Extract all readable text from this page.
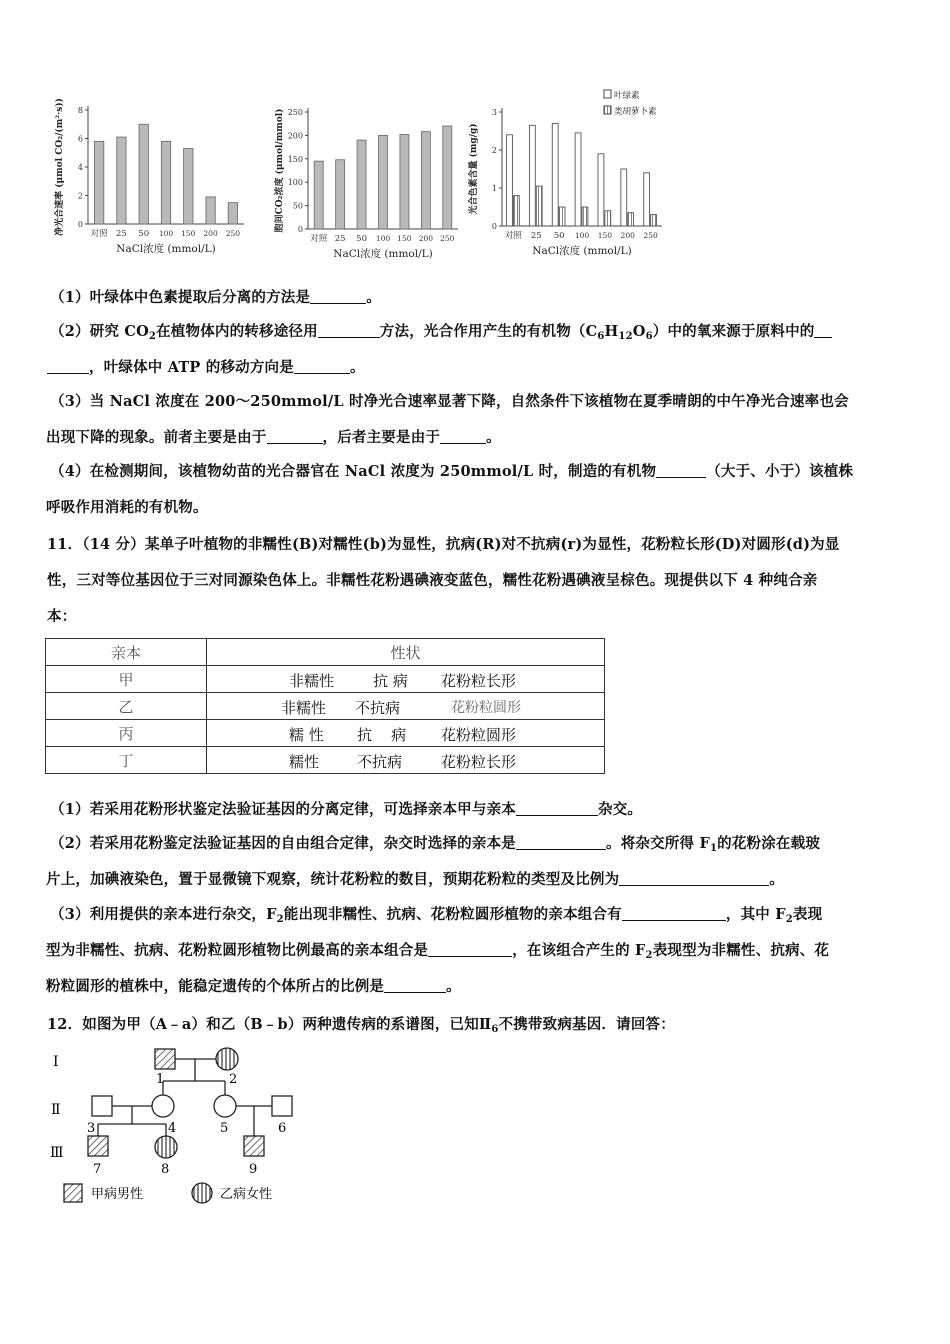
0
2
4
6
8
对照 25 50 100 150 200 250
NaCl浓度 (mmol/L)
净光合速率 (μmol CO₂/(m²·s))	0
50
100
150
200
250
对照 25 50 100 150 200 250
NaCl浓度 (mmol/L)
胞间CO₂浓度 (μmol/mmol)	0
1
2
3
对照 25 50 100 150 200 250
叶绿素
类胡萝卜素
NaCl浓度 (mmol/L)
光合色素含量 (mg/g)
（1）叶绿体中色素提取后分离的方法是	。
（2）研究 $CO_2$在植物体内的转移途径用	方法，光合作用产生的有机物$(C_6H_{12}O_6)$中的氧来源于原料中的
，叶绿体中 ATP 的移动方向是	。
（3）当 NaCl 浓度在 200～250mmol/L 时净光合速率显著下降，自然条件下该植物在夏季晴朗的中午净光合速率也会
出现下降的现象。前者主要是由于	，后者主要是由于	。
（4）在检测期间，该植物幼苗的光合器官在 NaCl 浓度为 250mmol/L 时，制造的有机物	（大于、小于）该植株
呼吸作用消耗的有机物。
11．（14 分）某单子叶植物的非糯性(B)对糯性(b)为显性，抗病(R)对不抗病(r)为显性，花粉粒长形(D)对圆形(d)为显
性，三对等位基因位于三对同源染色体上。非糯性花粉遇碘液变蓝色，糯性花粉遇碘液呈棕色。现提供以下 4 种纯合亲
本：
亲本	性状
甲	非糯性 抗 病 花粉粒长形

乙	非糯性 不抗病 花粉粒圆形

丙	糯 性 抗    病 花粉粒圆形

丁	糯性 不抗病 花粉粒长形
（1）若采用花粉形状鉴定法验证基因的分离定律，可选择亲本甲与亲本	杂交。
（2）若采用花粉鉴定法验证基因的自由组合定律，杂交时选择的亲本是	。将杂交所得 $F_1$的花粉涂在载玻
片上，加碘液染色，置于显微镜下观察，统计花粉粒的数目，预期花粉粒的类型及比例为	。
（3）利用提供的亲本进行杂交，$F_2$能出现非糯性、抗病、花粉粒圆形植物的亲本组合有	，其中 $F_2$表现
型为非糯性、抗病、花粉粒圆形植物比例最高的亲本组合是	，在该组合产生的 $F_2$表现型为非糯性、抗病、花
粉粒圆形的植株中，能稳定遗传的个体所占的比例是	。
12．如图为甲（A﹣a）和乙（B﹣b）两种遗传病的系谱图，已知$Ⅱ_6$不携带致病基因．请回答：
Ⅰ
Ⅱ
Ⅲ
1	2
3	4	5	6
7	8	9
甲病男性	乙病女性
